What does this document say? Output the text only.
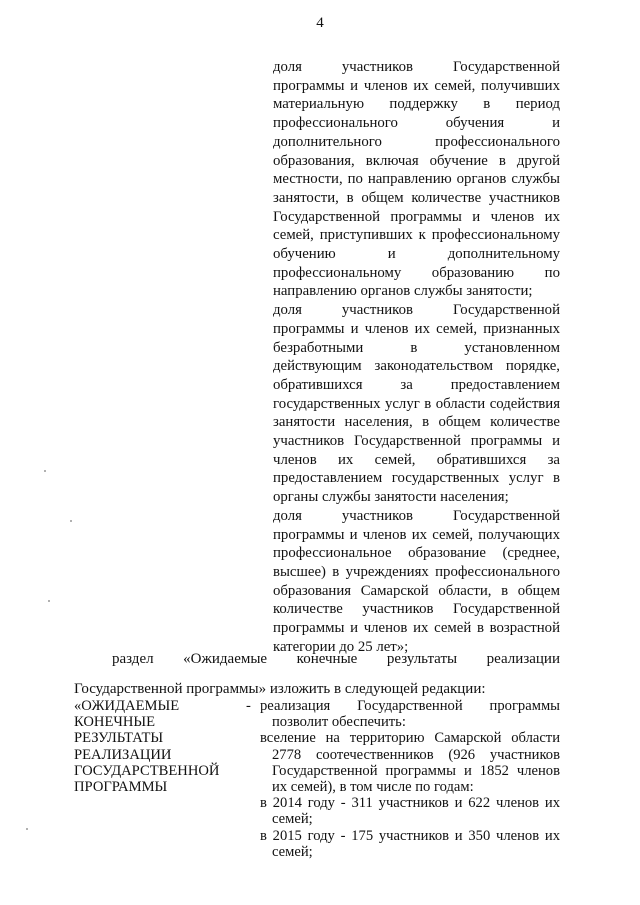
4

доля участников Государственной программы и членов их семей, получивших материальную поддержку в период профессионального обучения и дополнительного профессионального образования, включая обучение в другой местности, по направлению органов службы занятости, в общем количестве участников Государственной программы и членов их семей, приступивших к профессиональному обучению и дополнительному профессиональному образованию по направлению органов службы занятости;

доля участников Государственной программы и членов их семей, признанных безработными в установленном действующим законодательством порядке, обратившихся за предоставлением государственных услуг в области содействия занятости населения, в общем количестве участников Государственной программы и членов их семей, обратившихся за предоставлением государственных услуг в органы службы занятости населения;

доля участников Государственной программы и членов их семей, получающих профессиональное образование (среднее, высшее) в учреждениях профессионального образования Самарской области, в общем количестве участников Государственной программы и членов их семей в возрастной категории до 25 лет»;

раздел «Ожидаемые конечные результаты реализации Государственной программы» изложить в следующей редакции:

«ОЖИДАЕМЫЕ
КОНЕЧНЫЕ
РЕЗУЛЬТАТЫ
РЕАЛИЗАЦИИ
ГОСУДАРСТВЕННОЙ
ПРОГРАММЫ
- реализация Государственной программы позволит обеспечить:

вселение на территорию Самарской области 2778 соотечественников (926 участников Государственной программы и 1852 членов их семей), в том числе по годам:

в 2014 году - 311 участников и 622 членов их семей;

в 2015 году - 175 участников и 350 членов их семей;
